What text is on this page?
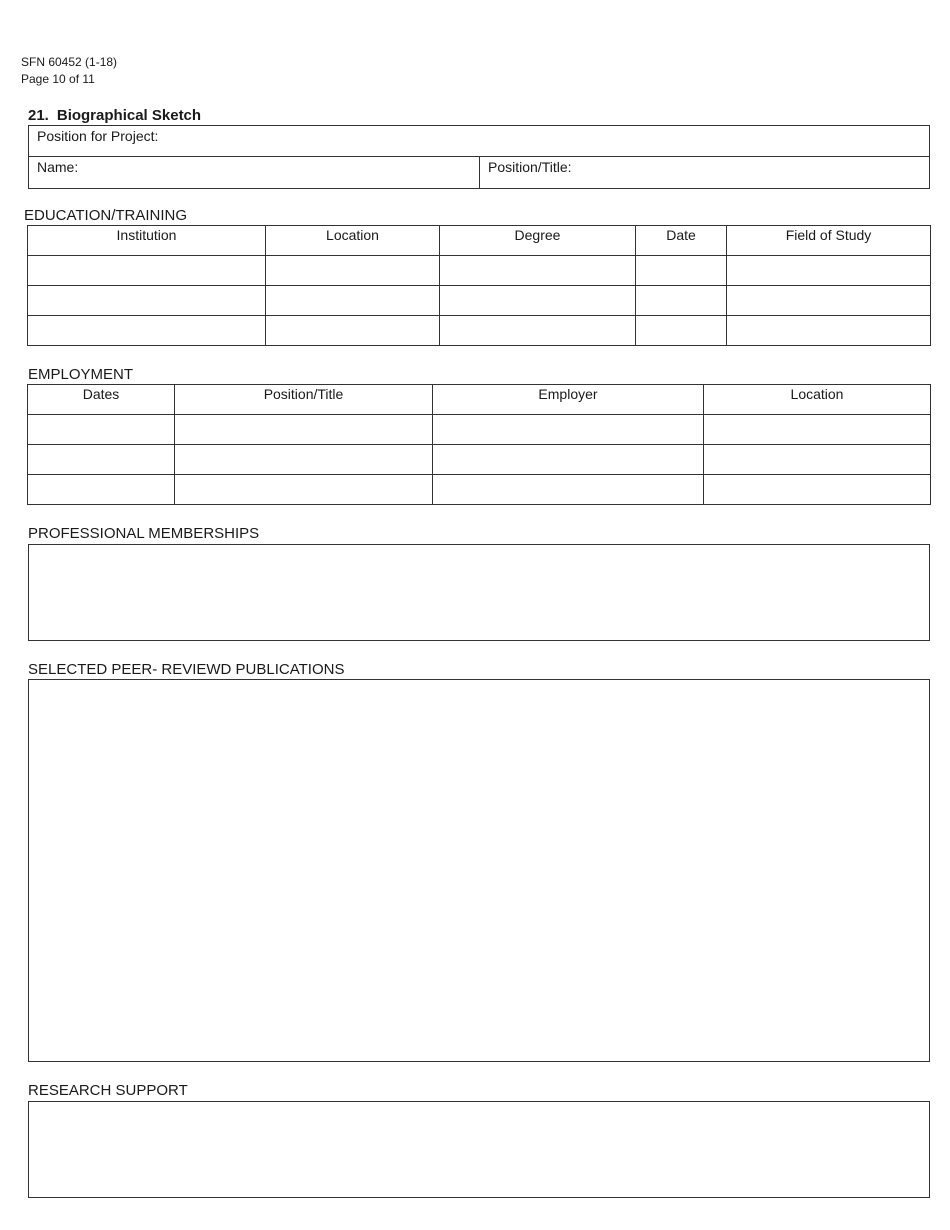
SFN 60452 (1-18)
Page 10 of 11
21. Biographical Sketch
Position for Project:
Name:	Position/Title:
EDUCATION/TRAINING
Institution	Location	Degree	Date	Field of Study

EMPLOYMENT
Dates	Position/Title	Employer	Location

PROFESSIONAL MEMBERSHIPS
SELECTED PEER- REVIEWD PUBLICATIONS
RESEARCH SUPPORT
